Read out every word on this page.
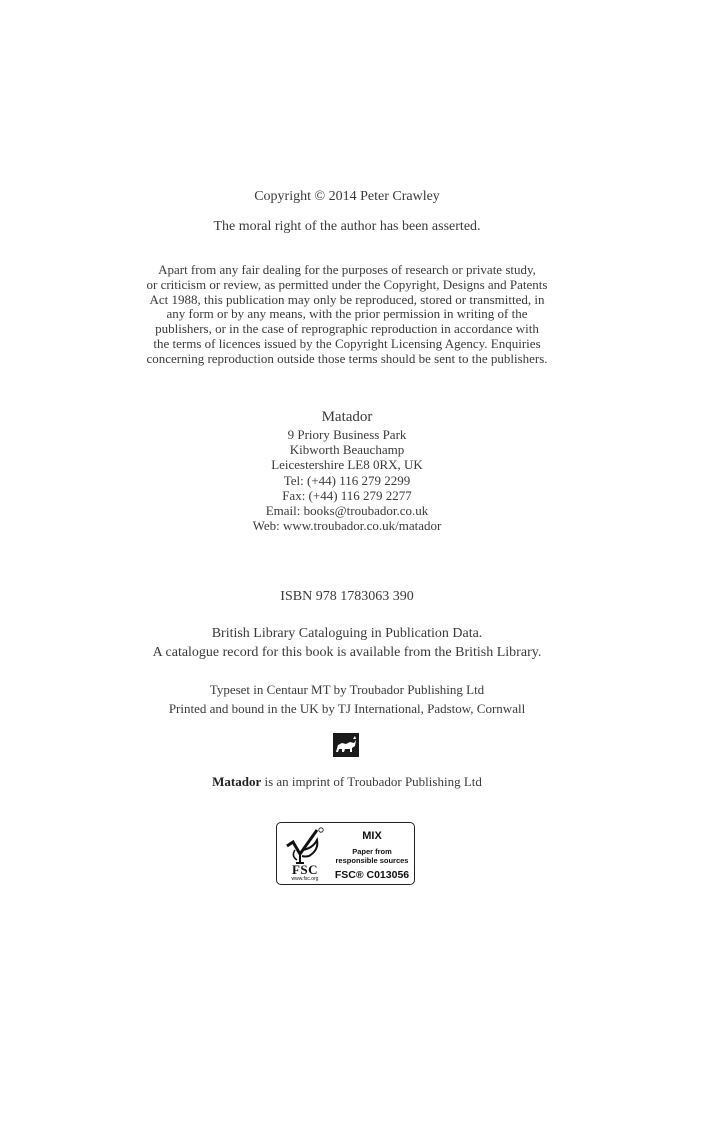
Copyright © 2014 Peter Crawley
The moral right of the author has been asserted.
Apart from any fair dealing for the purposes of research or private study,
or criticism or review, as permitted under the Copyright, Designs and Patents
Act 1988, this publication may only be reproduced, stored or transmitted, in
any form or by any means, with the prior permission in writing of the
publishers, or in the case of reprographic reproduction in accordance with
the terms of licences issued by the Copyright Licensing Agency. Enquiries
concerning reproduction outside those terms should be sent to the publishers.
Matador
9 Priory Business Park
Kibworth Beauchamp
Leicestershire LE8 0RX, UK
Tel: (+44) 116 279 2299
Fax: (+44) 116 279 2277
Email: books@troubador.co.uk
Web: www.troubador.co.uk/matador
ISBN 978 1783063 390
British Library Cataloguing in Publication Data.
A catalogue record for this book is available from the British Library.
Typeset in Centaur MT by Troubador Publishing Ltd
Printed and bound in the UK by TJ International, Padstow, Cornwall
Matador is an imprint of Troubador Publishing Ltd
FSC
www.fsc.org
MIX
Paper from
responsible sources
FSC® C013056
